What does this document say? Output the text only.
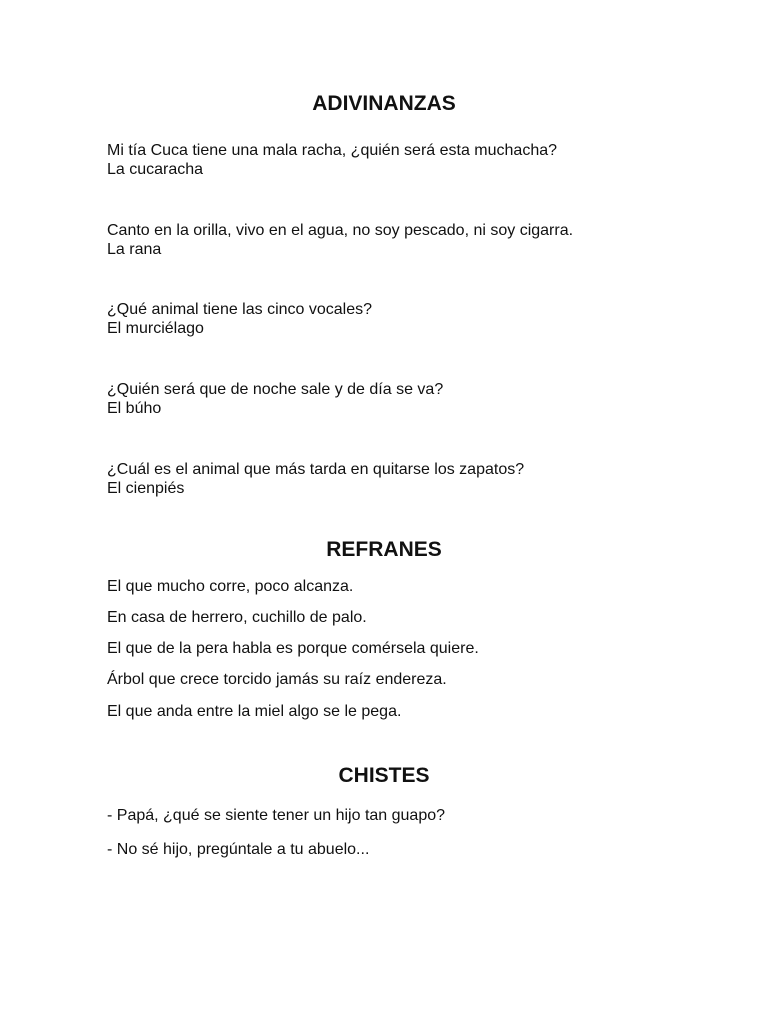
ADIVINANZAS

Mi tía Cuca tiene una mala racha, ¿quién será esta muchacha?

La cucaracha

Canto en la orilla, vivo en el agua, no soy pescado, ni soy cigarra.

La rana

¿Qué animal tiene las cinco vocales?

El murciélago

¿Quién será que de noche sale y de día se va?

El búho

¿Cuál es el animal que más tarda en quitarse los zapatos?

El cienpiés

REFRANES

El que mucho corre, poco alcanza.

En casa de herrero, cuchillo de palo.

El que de la pera habla es porque comérsela quiere.

Árbol que crece torcido jamás su raíz endereza.

El que anda entre la miel algo se le pega.

CHISTES

- Papá, ¿qué se siente tener un hijo tan guapo?

- No sé hijo, pregúntale a tu abuelo...
